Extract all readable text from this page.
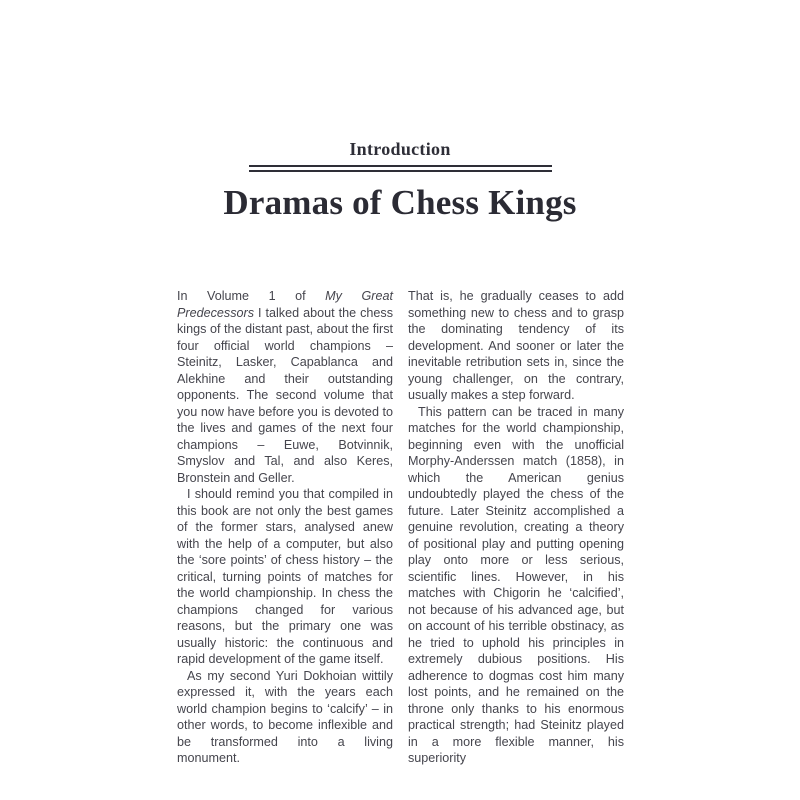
Introduction
Dramas of Chess Kings

In Volume 1 of My Great Predecessors I talked about the chess kings of the distant past, about the first four official world champions – Steinitz, Lasker, Capablanca and Alekhine and their outstanding opponents. The second volume that you now have before you is devoted to the lives and games of the next four champions – Euwe, Botvinnik, Smyslov and Tal, and also Keres, Bronstein and Geller.

I should remind you that compiled in this book are not only the best games of the former stars, analysed anew with the help of a computer, but also the ‘sore points’ of chess history – the critical, turning points of matches for the world championship. In chess the champions changed for various reasons, but the primary one was usually historic: the continuous and rapid development of the game itself.

As my second Yuri Dokhoian wittily expressed it, with the years each world champion begins to ‘calcify’ – in other words, to become inflexible and be transformed into a living monument.

That is, he gradually ceases to add something new to chess and to grasp the dominating tendency of its development. And sooner or later the inevitable retribution sets in, since the young challenger, on the contrary, usually makes a step forward.

This pattern can be traced in many matches for the world championship, beginning even with the unofficial Morphy-Anderssen match (1858), in which the American genius undoubtedly played the chess of the future. Later Steinitz accomplished a genuine revolution, creating a theory of positional play and putting opening play onto more or less serious, scientific lines. However, in his matches with Chigorin he ‘calcified’, not because of his advanced age, but on account of his terrible obstinacy, as he tried to uphold his principles in extremely dubious positions. His adherence to dogmas cost him many lost points, and he remained on the throne only thanks to his enormous practical strength; had Steinitz played in a more flexible manner, his superiority
